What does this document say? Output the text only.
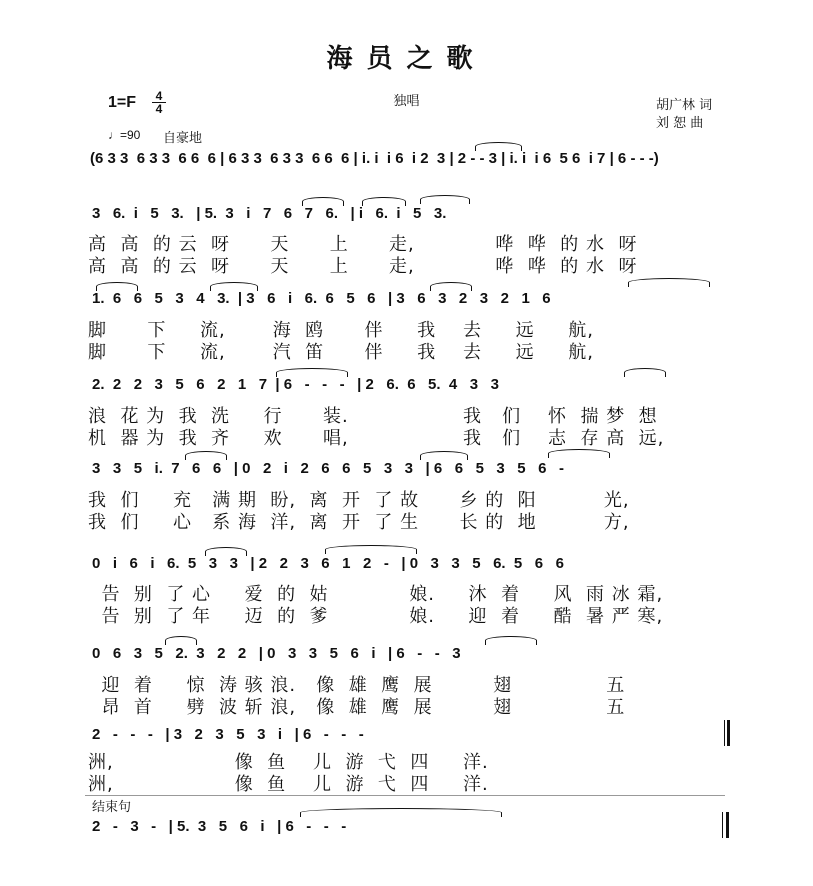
海员之歌
独唱
1=F	4
4	胡广林 词
刘 恕 曲
♩=90 自豪地
(6 3 3  6 3 3  6 6  6 | 6 3 3  6 3 3  6 6  6 | i. i  i 6  i 2  3 | 2 - - 3 | i. i  i 6  5 6  i 7 | 6 - - -)
3   6.  i   5   3.   | 5.  3   i   7   6   7   6.   | i   6.  i   5   3.
高  高  的 云  呀      天      上      走,            哗  哗  的 水  呀
高  高  的 云  呀      天      上      走,            哗  哗  的 水  呀
1.  6   6   5   3   4   3.  | 3   6   i   6.  6   5   6   | 3   6   3   2   3   2   1   6
脚      下     流,       海  鸥      伴     我    去     远     航,
脚      下     流,       汽  笛      伴     我    去     远     航,
2.  2   2   3   5   6   2   1   7  | 6   -   -   -   | 2   6.  6   5.  4   3   3
浪  花 为  我  洗     行      装.                 我   们    怀  揣 梦  想
机  器 为  我  齐     欢      唱,                 我   们    志  存 高  远,
3   3   5   i.  7   6   6   | 0   2   i   2   6   6   5   3   3   | 6   6   5   3   5   6   -
我  们     充   满 期  盼,  离  开  了 故      乡 的  阳          光,
我  们     心   系 海  洋,  离  开  了 生      长 的  地          方,
0   i   6   i   6.  5   3   3   | 2   2   3   6   1   2   -   | 0   3   3   5   6.  5   6   6
告  别  了 心     爱  的  姑            娘.     沐  着     风  雨 冰 霜,
告  别  了 年     迈  的  爹            娘.     迎  着     酷  暑 严 寒,
0   6   3   5   2.  3   2   2   | 0   3   3   5   6   i   | 6   -   -   3
迎  着     惊  涛 骇 浪.   像  雄  鹰  展         翅              五
昂  首     劈  波 斩 浪,   像  雄  鹰  展         翅              五
2   -   -   -   | 3   2   3   5   3   i   | 6   -   -   -
洲,                  像  鱼    儿  游  弋  四     洋.
洲,                  像  鱼    儿  游  弋  四     洋.
结束句
2   -   3   -   | 5.  3   5   6   i   | 6   -   -   -
